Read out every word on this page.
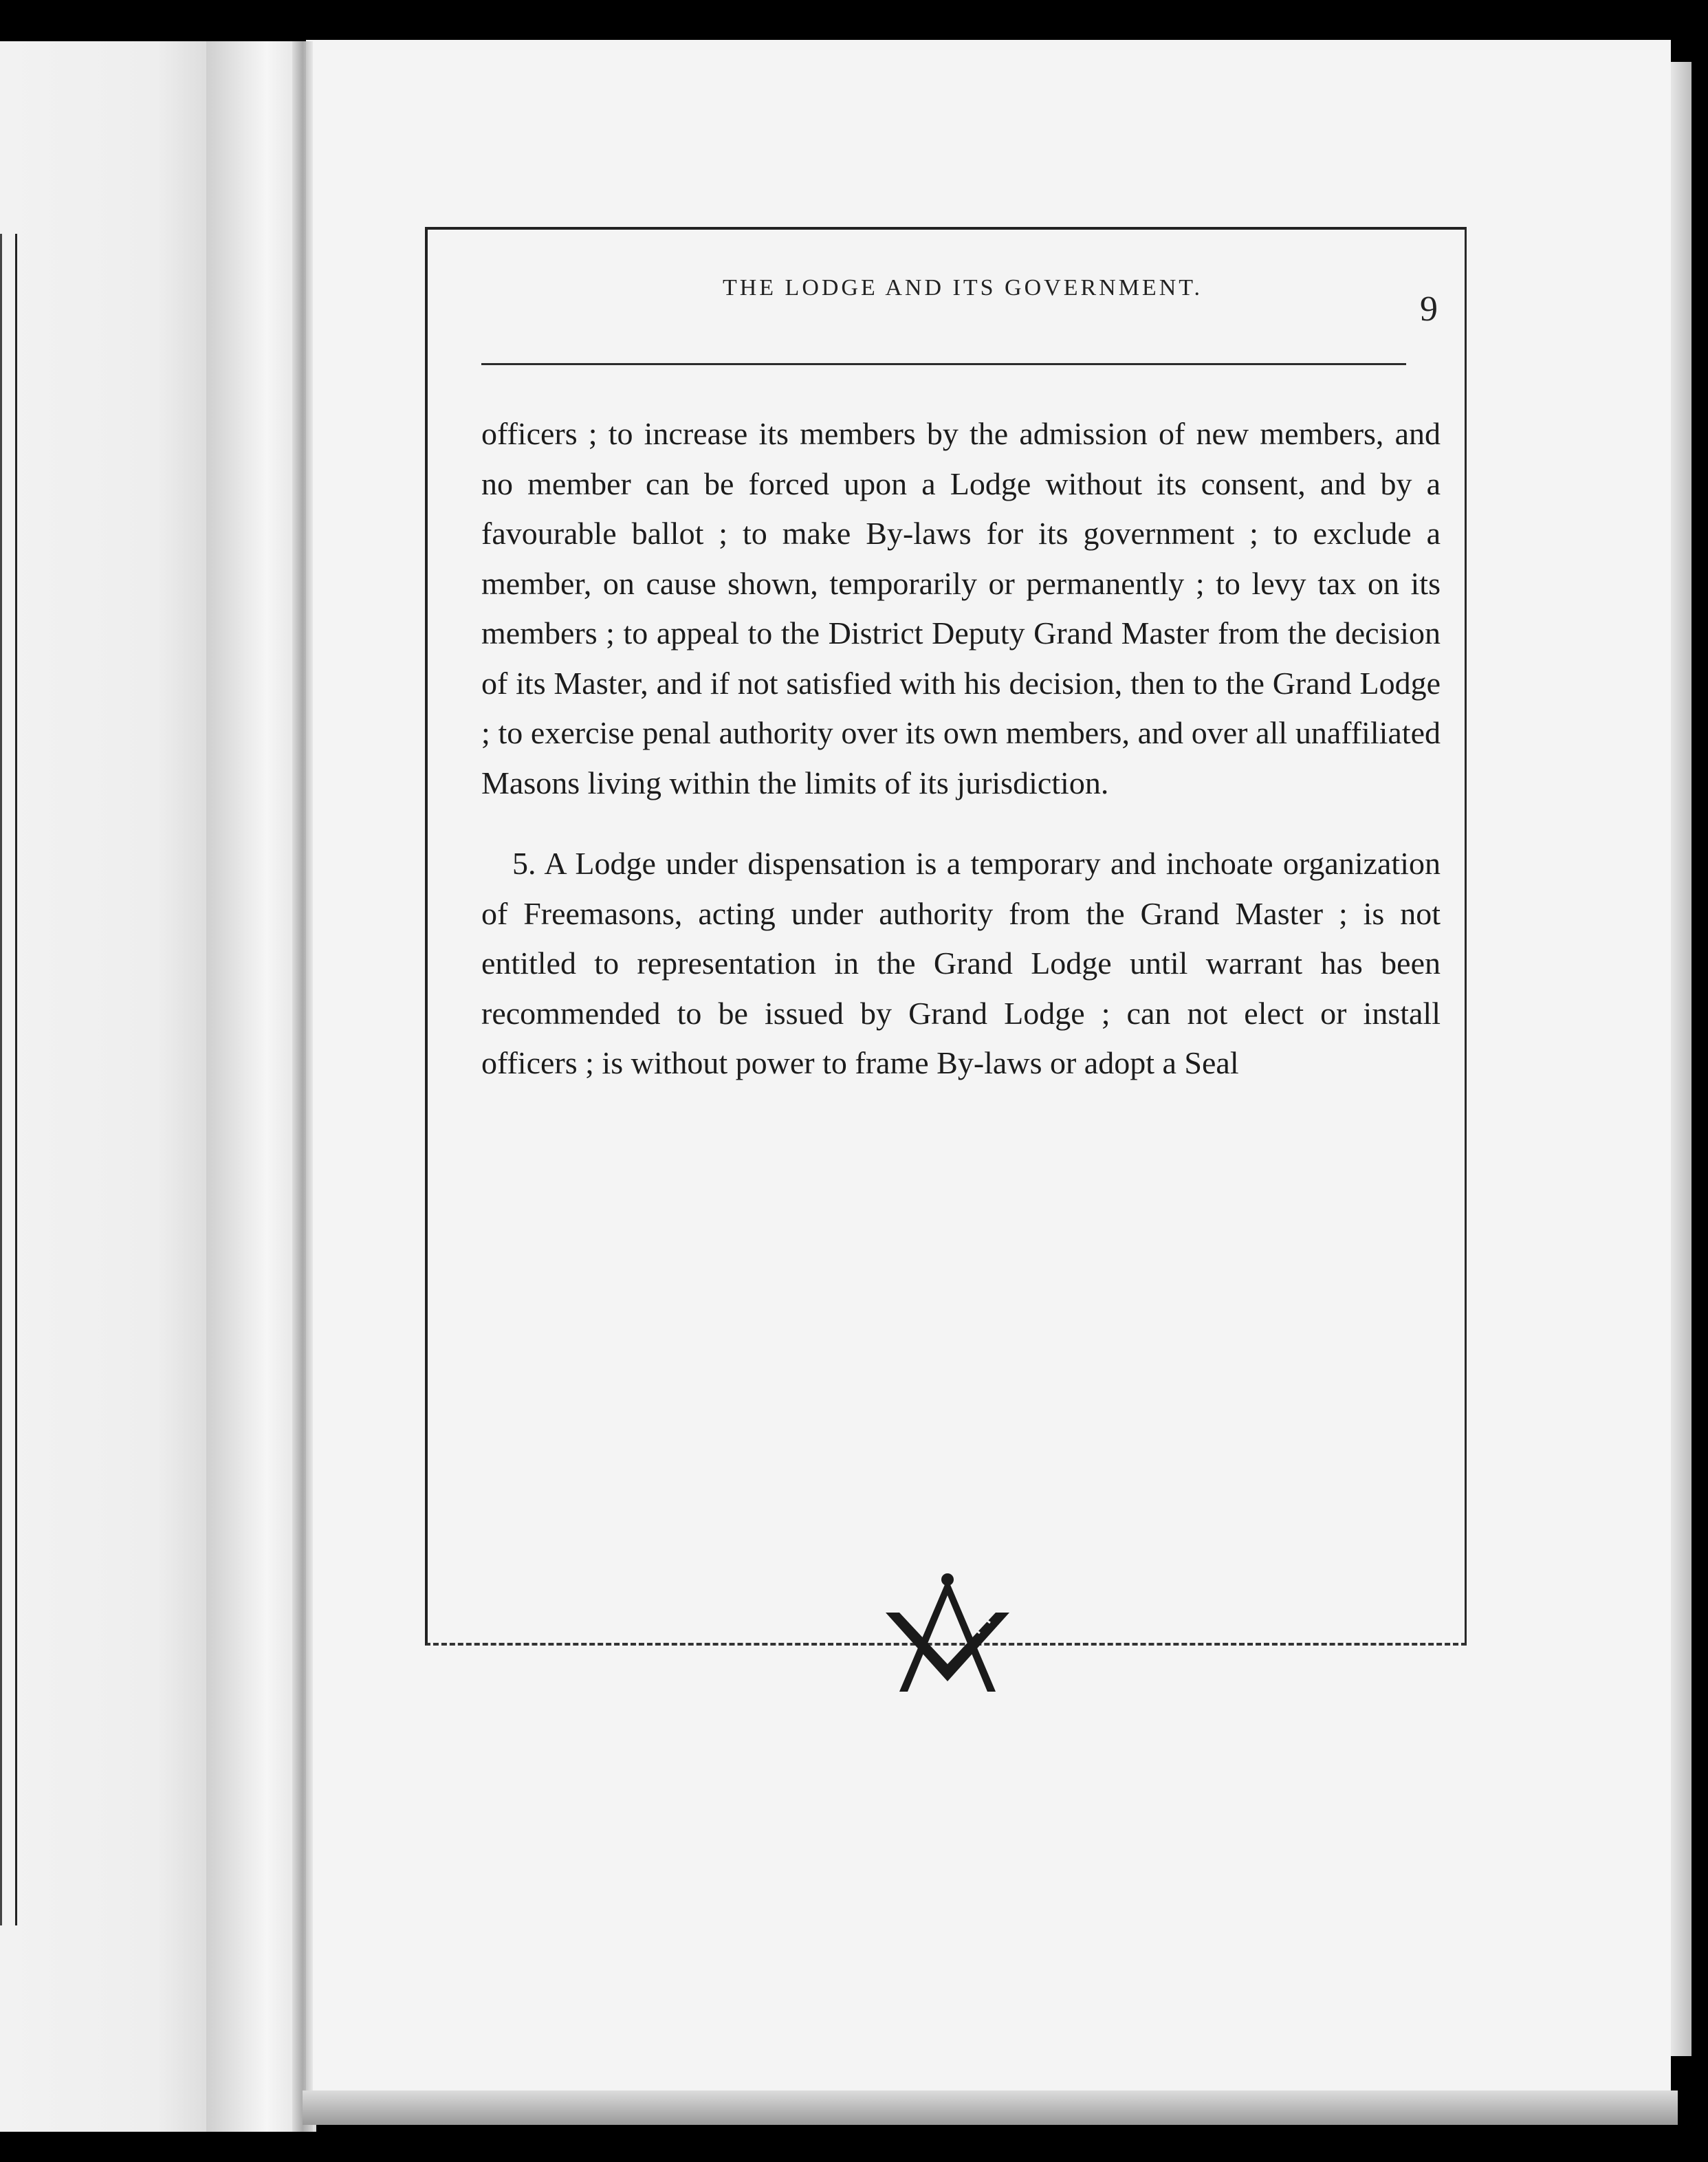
THE LODGE AND ITS GOVERNMENT.
9

officers ; to increase its members by the admission of new members, and no member can be forced upon a Lodge without its consent, and by a favourable ballot ; to make By-laws for its government ; to exclude a member, on cause shown, temporarily or permanently ; to levy tax on its members ; to appeal to the District Deputy Grand Master from the decision of its Master, and if not satisfied with his decision, then to the Grand Lodge ; to exercise penal authority over its own members, and over all unaffiliated Masons living within the limits of its jurisdiction.

5. A Lodge under dispensation is a temporary and inchoate organization of Freemasons, acting under authority from the Grand Master ; is not entitled to representation in the Grand Lodge until warrant has been recommended to be issued by Grand Lodge ; can not elect or install officers ; is without power to frame By-laws or adopt a Seal
